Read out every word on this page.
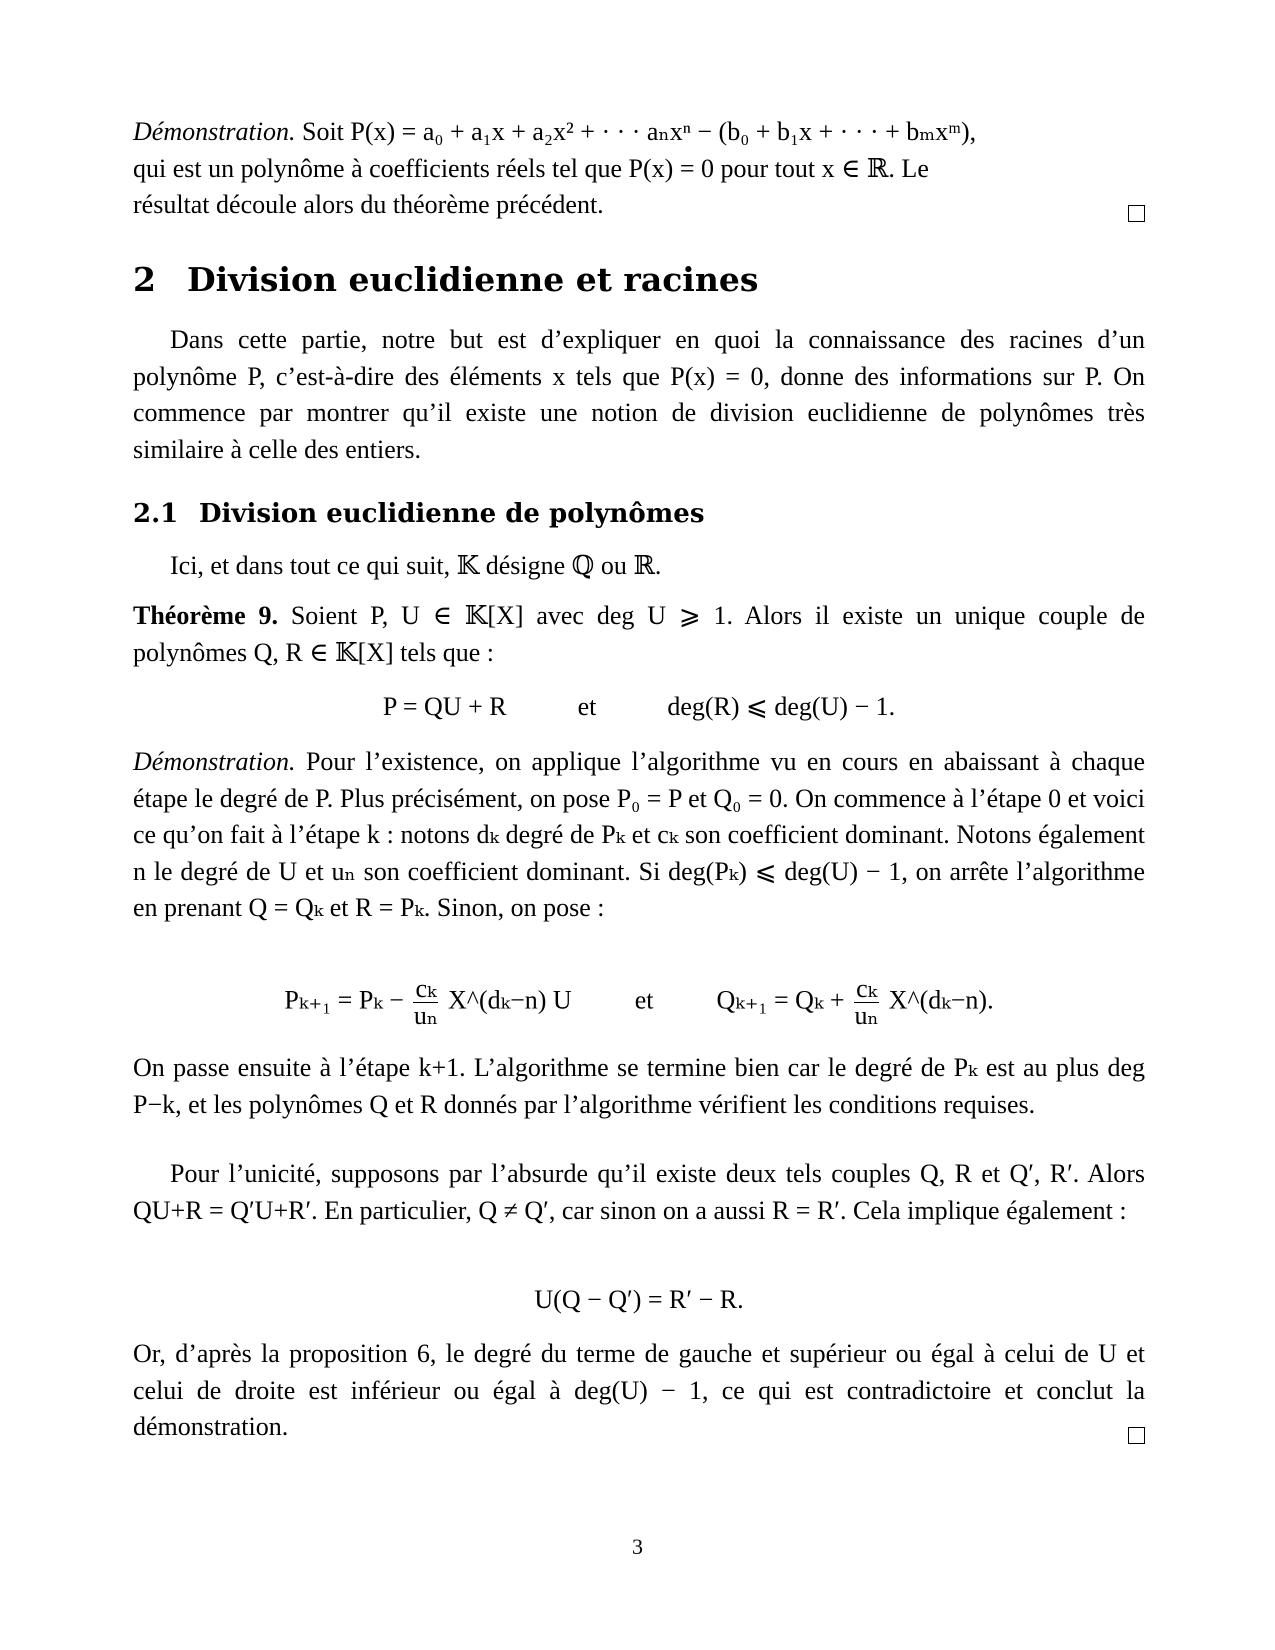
Démonstration. Soit P(x) = a₀ + a₁x + a₂x² + · · · aₙxⁿ − (b₀ + b₁x + · · · + bₘxᵐ),
qui est un polynôme à coefficients réels tel que P(x) = 0 pour tout x ∈ ℝ. Le
résultat découle alors du théorème précédent.
2 Division euclidienne et racines
Dans cette partie, notre but est d’expliquer en quoi la connaissance des racines d’un polynôme P, c’est-à-dire des éléments x tels que P(x) = 0, donne des informations sur P. On commence par montrer qu’il existe une notion de division euclidienne de polynômes très similaire à celle des entiers.
2.1 Division euclidienne de polynômes
Ici, et dans tout ce qui suit, 𝕂 désigne ℚ ou ℝ.
Théorème 9. Soient P, U ∈ 𝕂[X] avec deg U ⩾ 1. Alors il existe un unique couple de polynômes Q, R ∈ 𝕂[X] tels que :
P = QU + R	et	deg(R) ⩽ deg(U) − 1.
Démonstration. Pour l’existence, on applique l’algorithme vu en cours en abaissant à chaque étape le degré de P. Plus précisément, on pose P₀ = P et Q₀ = 0. On commence à l’étape 0 et voici ce qu’on fait à l’étape k : notons dₖ degré de Pₖ et cₖ son coefficient dominant. Notons également n le degré de U et uₙ son coefficient dominant. Si deg(Pₖ) ⩽ deg(U) − 1, on arrête l’algorithme en prenant Q = Qₖ et R = Pₖ. Sinon, on pose :
$P_{k+1} = P_k - \frac{\text{cₖ}}{\text{uₙ}}$ X^(dₖ−n) U et $Q_{k+1} = Q_k + \frac{\text{cₖ}}{\text{uₙ}}$ X^(dₖ−n).
On passe ensuite à l’étape k+1. L’algorithme se termine bien car le degré de Pₖ est au plus deg P−k, et les polynômes Q et R donnés par l’algorithme vérifient les conditions requises.
Pour l’unicité, supposons par l’absurde qu’il existe deux tels couples Q, R et Q′, R′. Alors QU+R = Q′U+R′. En particulier, Q ≠ Q′, car sinon on a aussi R = R′. Cela implique également :
U(Q − Q′) = R′ − R.
Or, d’après la proposition 6, le degré du terme de gauche et supérieur ou égal à celui de U et celui de droite est inférieur ou égal à deg(U) − 1, ce qui est contradictoire et conclut la démonstration.
3
